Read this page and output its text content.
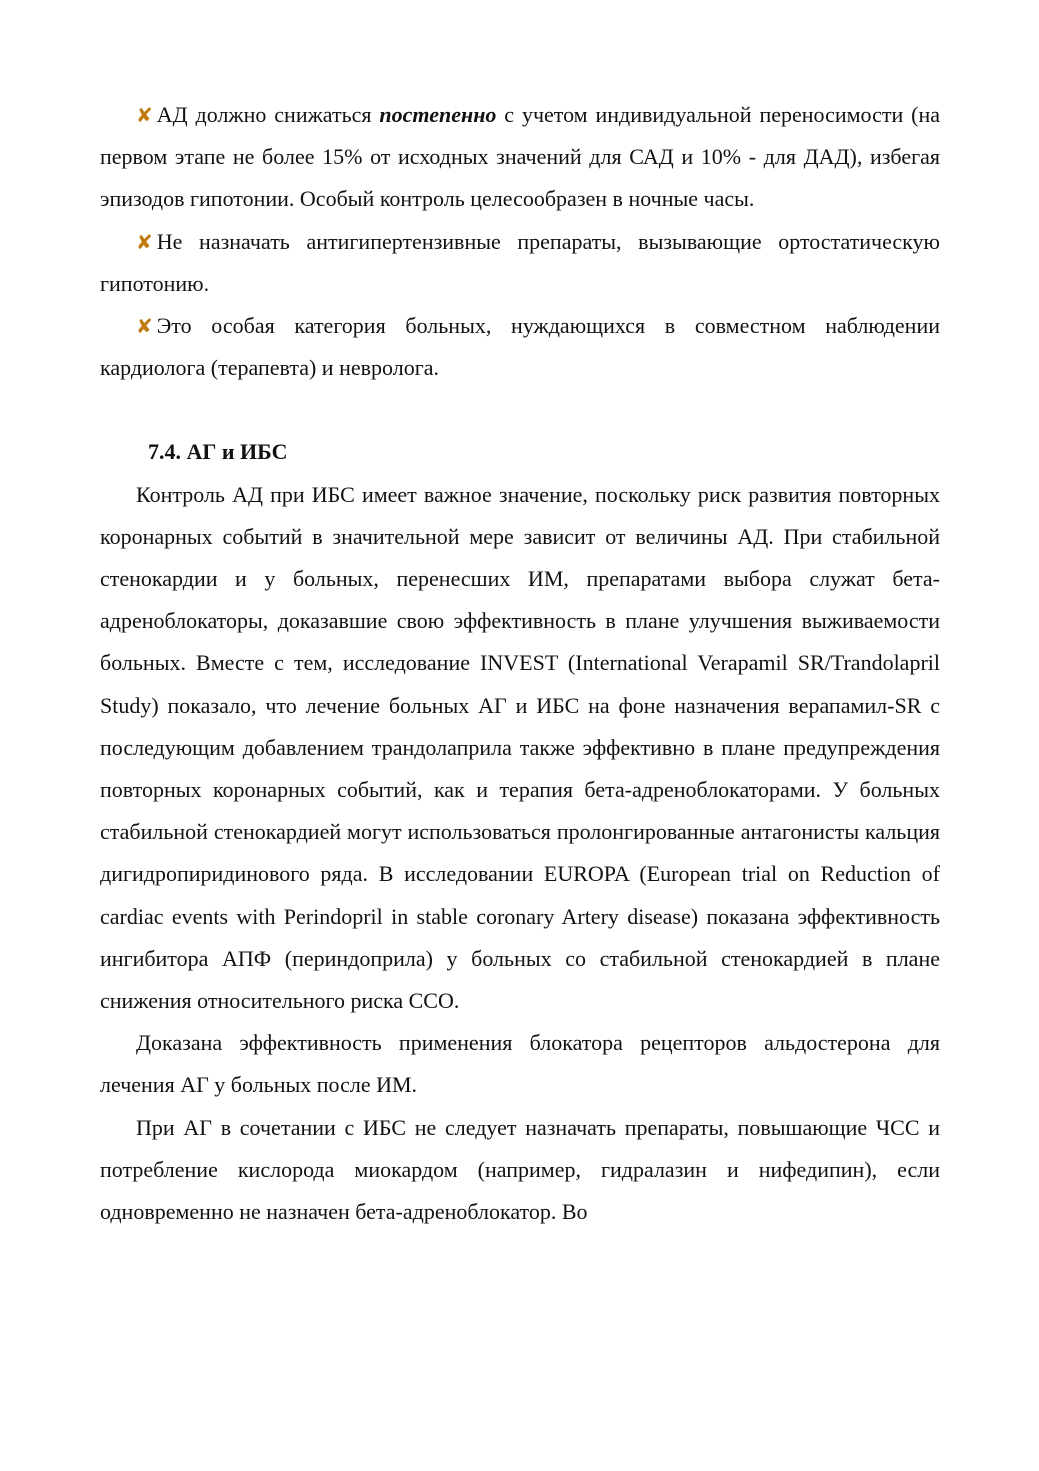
✘ АД должно снижаться постепенно с учетом индивидуальной переносимости (на первом этапе не более 15% от исходных значений для САД и 10% - для ДАД), избегая эпизодов гипотонии. Особый контроль целесообразен в ночные часы.

✘ Не назначать антигипертензивные препараты, вызывающие ортостатическую гипотонию.

✘ Это особая категория больных, нуждающихся в совместном наблюдении кардиолога (терапевта) и невролога.

7.4. АГ и ИБС

Контроль АД при ИБС имеет важное значение, поскольку риск развития повторных коронарных событий в значительной мере зависит от величины АД. При стабильной стенокардии и у больных, перенесших ИМ, препаратами выбора служат бета-адреноблокаторы, доказавшие свою эффективность в плане улучшения выживаемости больных. Вместе с тем, исследование INVEST (International Verapamil SR/Trandolapril Study) показало, что лечение больных АГ и ИБС на фоне назначения верапамил-SR с последующим добавлением трандолаприла также эффективно в плане предупреждения повторных коронарных событий, как и терапия бета-адреноблокаторами. У больных стабильной стенокардией могут использоваться пролонгированные антагонисты кальция дигидропиридинового ряда. В исследовании EUROPA (European trial on Reduction of cardiac events with Perindopril in stable coronary Artery disease) показана эффективность ингибитора АПФ (периндоприла) у больных со стабильной стенокардией в плане снижения относительного риска ССО.

Доказана эффективность применения блокатора рецепторов альдостерона для лечения АГ у больных после ИМ.

При АГ в сочетании с ИБС не следует назначать препараты, повышающие ЧСС и потребление кислорода миокардом (например, гидралазин и нифедипин), если одновременно не назначен бета-адреноблокатор. Во
